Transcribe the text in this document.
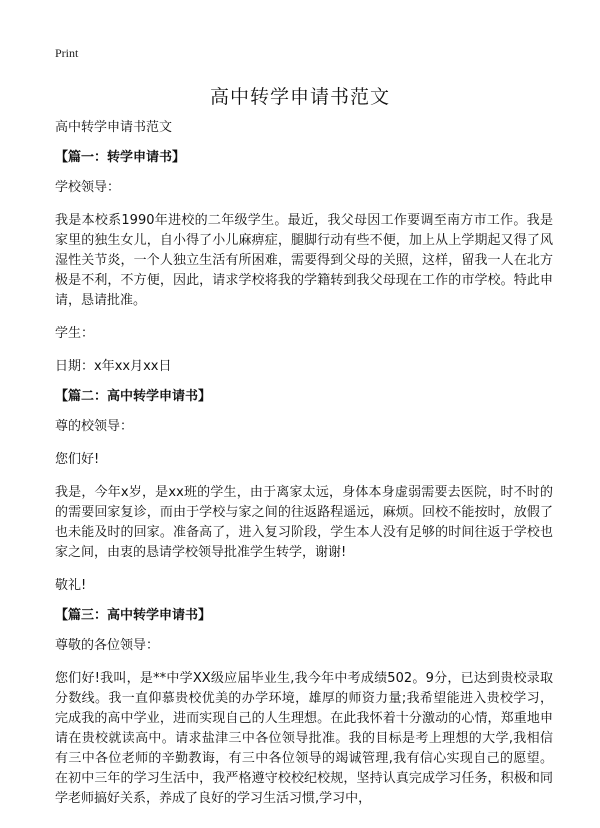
Print
高中转学申请书范文

高中转学申请书范文

【篇一：转学申请书】

学校领导：

我是本校系1990年进校的二年级学生。最近，我父母因工作要调至南方市工作。我是家里的独生女儿，自小得了小儿麻痹症，腿脚行动有些不便，加上从上学期起又得了风湿性关节炎，一个人独立生活有所困难，需要得到父母的关照，这样，留我一人在北方极是不利，不方便，因此，请求学校将我的学籍转到我父母现在工作的市学校。特此申请，恳请批准。

学生：

日期：x年xx月xx日

【篇二：高中转学申请书】

尊的校领导：

您们好!

我是，今年x岁，是xx班的学生，由于离家太远，身体本身虚弱需要去医院，时不时的的需要回家复诊，而由于学校与家之间的往返路程遥远，麻烦。回校不能按时，放假了也未能及时的回家。准备高了，进入复习阶段，学生本人没有足够的时间往返于学校也家之间，由衷的恳请学校领导批准学生转学，谢谢!

敬礼!

【篇三：高中转学申请书】

尊敬的各位领导：

您们好!我叫，是**中学XX级应届毕业生,我今年中考成绩502。9分，已达到贵校录取分数线。我一直仰慕贵校优美的办学环境，雄厚的师资力量;我希望能进入贵校学习，完成我的高中学业，进而实现自己的人生理想。在此我怀着十分激动的心情，郑重地申请在贵校就读高中。请求盐津三中各位领导批准。我的目标是考上理想的大学,我相信有三中各位老师的辛勤教诲，有三中各位领导的竭诚管理,我有信心实现自己的愿望。在初中三年的学习生活中，我严格遵守校校纪校规，坚持认真完成学习任务，积极和同学老师搞好关系，养成了良好的学习生活习惯,学习中，
